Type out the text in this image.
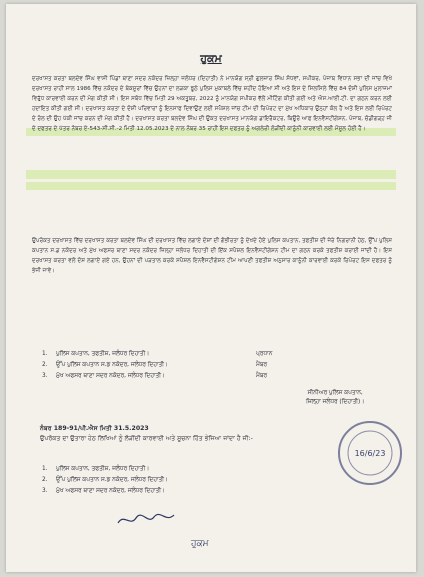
ਹੁਕਮ
ਦਰਖਾਸਤ ਕਰਤਾ ਬਲਦੇਵ ਸਿੰਘ ਵਾਸੀ ਪਿੰਡਾਂ ਥਾਣਾ ਸਦਰ ਨਕੋਦਰ ਜ਼ਿਲ੍ਹਾ ਜਲੰਧਰ (ਦਿਹਾਤੀ) ਨੇ ਮਾਨਯੋਗ ਸ੍ਰੀ ਗੁਲਜ਼ਾਰ ਸਿੰਘ ਸੰਧਵਾਂ, ਸਪੀਕਰ, ਪੰਜਾਬ ਵਿਧਾਨ ਸਭਾ ਦੀ ਜਾਂਚ ਵਿਖੇ ਦਰਖਾਸਤ ਰਾਹੀਂ ਸਾਲ 1986 ਵਿੱਚ ਨਕੋਦਰ ਦੇ ਬੇਕਸੂਰਾਂ ਵਿੱਚ ਉਹਨਾਂ ਦਾ ਲੜਕਾ ਝੂਠੇ ਪੁਲਿਸ ਮੁਕਾਬਲੇ ਵਿੱਚ ਸ਼ਹੀਦ ਹੋਇਆ ਸੀ ਅਤੇ ਇਸ ਦੇ ਸਿਲਸਿਲੇ ਵਿੱਚ 84 ਦੋਸ਼ੀ ਪੁਲਿਸ ਮੁਲਾਜ਼ਮਾਂ ਵਿਰੁੱਧ ਕਾਰਵਾਈ ਕਰਨ ਦੀ ਮੰਗ ਕੀਤੀ ਸੀ। ਇਸ ਸਬੰਧ ਵਿੱਚ ਮਿਤੀ 29 ਅਕਤੂਬਰ, 2022 ਨੂੰ ਮਾਨਯੋਗ ਸਪੀਕਰ ਵੱਲੋਂ ਮੀਟਿੰਗ ਕੀਤੀ ਗਈ ਅਤੇ ਐਸ.ਆਈ.ਟੀ. ਦਾ ਗਠਨ ਕਰਨ ਲਈ ਹਦਾਇਤ ਕੀਤੀ ਗਈ ਸੀ। ਦਰਖਾਸਤ ਕਰਤਾ ਦੇ ਦੋਸ਼ੀ ਪਰਿਵਾਰਾਂ ਨੂੰ ਇਨਸਾਫ ਦਿਵਾਉਣ ਲਈ ਸਪੈਸ਼ਲ ਜਾਂਚ ਟੀਮ ਦੀ ਰਿਪੋਰਟ ਦਾ ਮੁੱਖ ਅਧਿਕਾਰ ਉਨ੍ਹਾਂ ਕੋਲ ਹੈ ਅਤੇ ਇਸ ਲਈ ਰਿਪੋਰਟ ਦੇ ਰੋਲ ਦੀ ਉਹ ਪੱਕੀ ਜਾਂਚ ਕਰਨ ਦੀ ਮੰਗ ਕੀਤੀ ਹੈ। ਦਰਖਾਸਤ ਕਰਤਾ ਬਲਦੇਵ ਸਿੰਘ ਦੀ ਉਕਤ ਦਰਖਾਸਤ ਮਾਨਯੋਗ ਡਾਇਰੈਕਟਰ, ਬਿਊਰੋ ਆਫ ਇਨਵੈਸਟੀਗੇਸ਼ਨ, ਪੰਜਾਬ, ਚੰਡੀਗੜ੍ਹ ਜੀ ਦੇ ਦਫਤਰ ਦੇ ਪੱਤਰ ਨੰਬਰ ਏ-543-ਸੀ.ਸੀ.-2 ਮਿਤੀ 12.05.2023 ਦੇ ਨਾਲ ਨੰਬਰ 35 ਰਾਹੀਂ ਇਸ ਦਫਤਰ ਨੂੰ ਅਗਲੇਰੀ ਲੋੜੀਂਦੀ ਕਾਨੂੰਨੀ ਕਾਰਵਾਈ ਲਈ ਮੌਸੂਲ ਹੋਈ ਹੈ।
ਉਪਰੋਕਤ ਦਰਖਾਸਤ ਵਿੱਚ ਦਰਖਾਸਤ ਕਰਤਾ ਬਲਦੇਵ ਸਿੰਘ ਦੀ ਦਰਖਾਸਤ ਵਿੱਚ ਲਗਾਏ ਦੋਸ਼ਾਂ ਦੀ ਗੰਭੀਰਤਾ ਨੂੰ ਦੇਖਦੇ ਹੋਏ ਪੁਲਿਸ ਕਪਤਾਨ, ਤਫਤੀਸ਼ ਦੀ ਜੇਰੇ ਨਿਗਰਾਨੀ ਹੇਠ, ਉੱਪ ਪੁਲਿਸ ਕਪਤਾਨ ਸ.ਡ ਨਕੋਦਰ ਅਤੇ ਮੁੱਖ ਅਫਸਰ ਥਾਣਾ ਸਦਰ ਨਕੋਦਰ ਜ਼ਿਲ੍ਹਾ ਜਲੰਧਰ ਦਿਹਾਤੀ ਦੀ ਇੱਕ ਸਪੈਸ਼ਲ ਇਨਵੈਸਟੀਗੇਸ਼ਨ ਟੀਮ ਦਾ ਗਠਨ ਕਰਕੇ ਤਫਤੀਸ਼ ਕਰਾਈ ਜਾਂਦੀ ਹੈ। ਇਸ ਦਰਖਾਸਤ ਕਰਤਾ ਵਲੋਂ ਦੋਸ਼ ਲਗਾਏ ਗਏ ਹਨ, ਉਹਨਾਂ ਦੀ ਪੜਤਾਲ ਕਰਕੇ ਸਪੈਸ਼ਲ ਇਨਵੈਸਟੀਗੇਸ਼ਨ ਟੀਮ ਆਪਣੀ ਤਫਤੀਸ਼ ਅਨੁਸਾਰ ਕਾਨੂੰਨੀ ਕਾਰਵਾਈ ਕਰਕੇ ਰਿਪੋਰਟ ਇਸ ਦਫਤਰ ਨੂੰ ਭੇਜੀ ਜਾਵੇ।
1.	ਪੁਲਿਸ ਕਪਤਾਨ, ਤਫਤੀਸ਼, ਜਲੰਧਰ ਦਿਹਾਤੀ।	ਪ੍ਰਧਾਨ
2.	ਉੱਪ ਪੁਲਿਸ ਕਪਤਾਨ ਸ.ਡ ਨਕੋਦਰ, ਜਲੰਧਰ ਦਿਹਾਤੀ।	ਮੈਂਬਰ
3.	ਮੁੱਖ ਅਫਸਰ ਥਾਣਾ ਸਦਰ ਨਕੋਦਰ, ਜਲੰਧਰ ਦਿਹਾਤੀ।	ਮੈਂਬਰ
ਸੀਨੀਅਰ ਪੁਲਿਸ ਕਪਤਾਨ,
ਜ਼ਿਲ੍ਹਾ ਜਲੰਧਰ (ਦਿਹਾਤੀ)।
ਨੰਬਰ 189-91/ਪੀ.ਐਸ ਮਿਤੀ 31.5.2023
ਉਪਰੋਕਤ ਦਾ ਉਤਾਰਾ ਹੇਠ ਲਿਖਿਆਂ ਨੂੰ ਲੋੜੀਂਦੀ ਕਾਰਵਾਈ ਅਤੇ ਸੂਚਨਾ ਹਿੱਤ ਭੇਜਿਆ ਜਾਂਦਾ ਹੈ ਜੀ:-
1.	ਪੁਲਿਸ ਕਪਤਾਨ, ਤਫਤੀਸ਼, ਜਲੰਧਰ ਦਿਹਾਤੀ।
2.	ਉੱਪ ਪੁਲਿਸ ਕਪਤਾਨ ਸ.ਡ ਨਕੋਦਰ, ਜਲੰਧਰ ਦਿਹਾਤੀ।
3.	ਮੁੱਖ ਅਫਸਰ ਥਾਣਾ ਸਦਰ ਨਕੋਦਰ, ਜਲੰਧਰ ਦਿਹਾਤੀ।
16/6/23
ਹੁਕਮ
